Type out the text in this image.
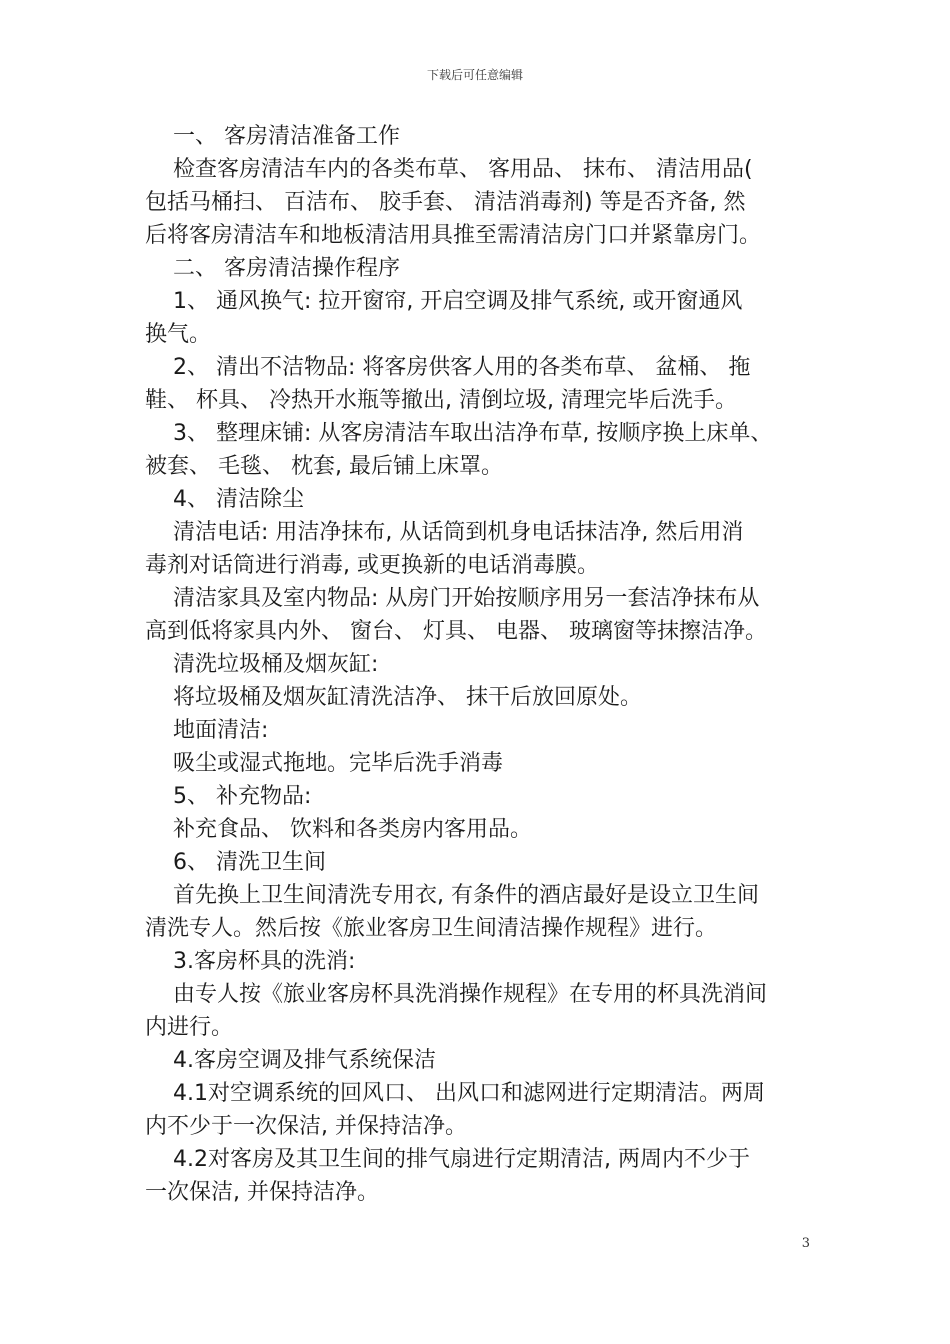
下载后可任意编辑
一、 客房清洁准备工作
检查客房清洁车内的各类布草、 客用品、 抹布、 清洁用品(
包括马桶扫、 百洁布、 胶手套、 清洁消毒剂) 等是否齐备, 然
后将客房清洁车和地板清洁用具推至需清洁房门口并紧靠房门。
二、 客房清洁操作程序
1、 通风换气: 拉开窗帘, 开启空调及排气系统, 或开窗通风
换气。
2、 清出不洁物品: 将客房供客人用的各类布草、 盆桶、 拖
鞋、 杯具、 冷热开水瓶等撤出, 清倒垃圾, 清理完毕后洗手。
3、 整理床铺: 从客房清洁车取出洁净布草, 按顺序换上床单、
被套、 毛毯、 枕套, 最后铺上床罩。
4、 清洁除尘
清洁电话: 用洁净抹布, 从话筒到机身电话抹洁净, 然后用消
毒剂对话筒进行消毒, 或更换新的电话消毒膜。
清洁家具及室内物品: 从房门开始按顺序用另一套洁净抹布从
高到低将家具内外、 窗台、 灯具、 电器、 玻璃窗等抹擦洁净。
清洗垃圾桶及烟灰缸:
将垃圾桶及烟灰缸清洗洁净、 抹干后放回原处。
地面清洁:
吸尘或湿式拖地。完毕后洗手消毒
5、 补充物品:
补充食品、 饮料和各类房内客用品。
6、 清洗卫生间
首先换上卫生间清洗专用衣, 有条件的酒店最好是设立卫生间
清洗专人。然后按《旅业客房卫生间清洁操作规程》进行。
3.客房杯具的洗消:
由专人按《旅业客房杯具洗消操作规程》在专用的杯具洗消间
内进行。
4.客房空调及排气系统保洁
4.1对空调系统的回风口、 出风口和滤网进行定期清洁。两周
内不少于一次保洁, 并保持洁净。
4.2对客房及其卫生间的排气扇进行定期清洁, 两周内不少于
一次保洁, 并保持洁净。
3
